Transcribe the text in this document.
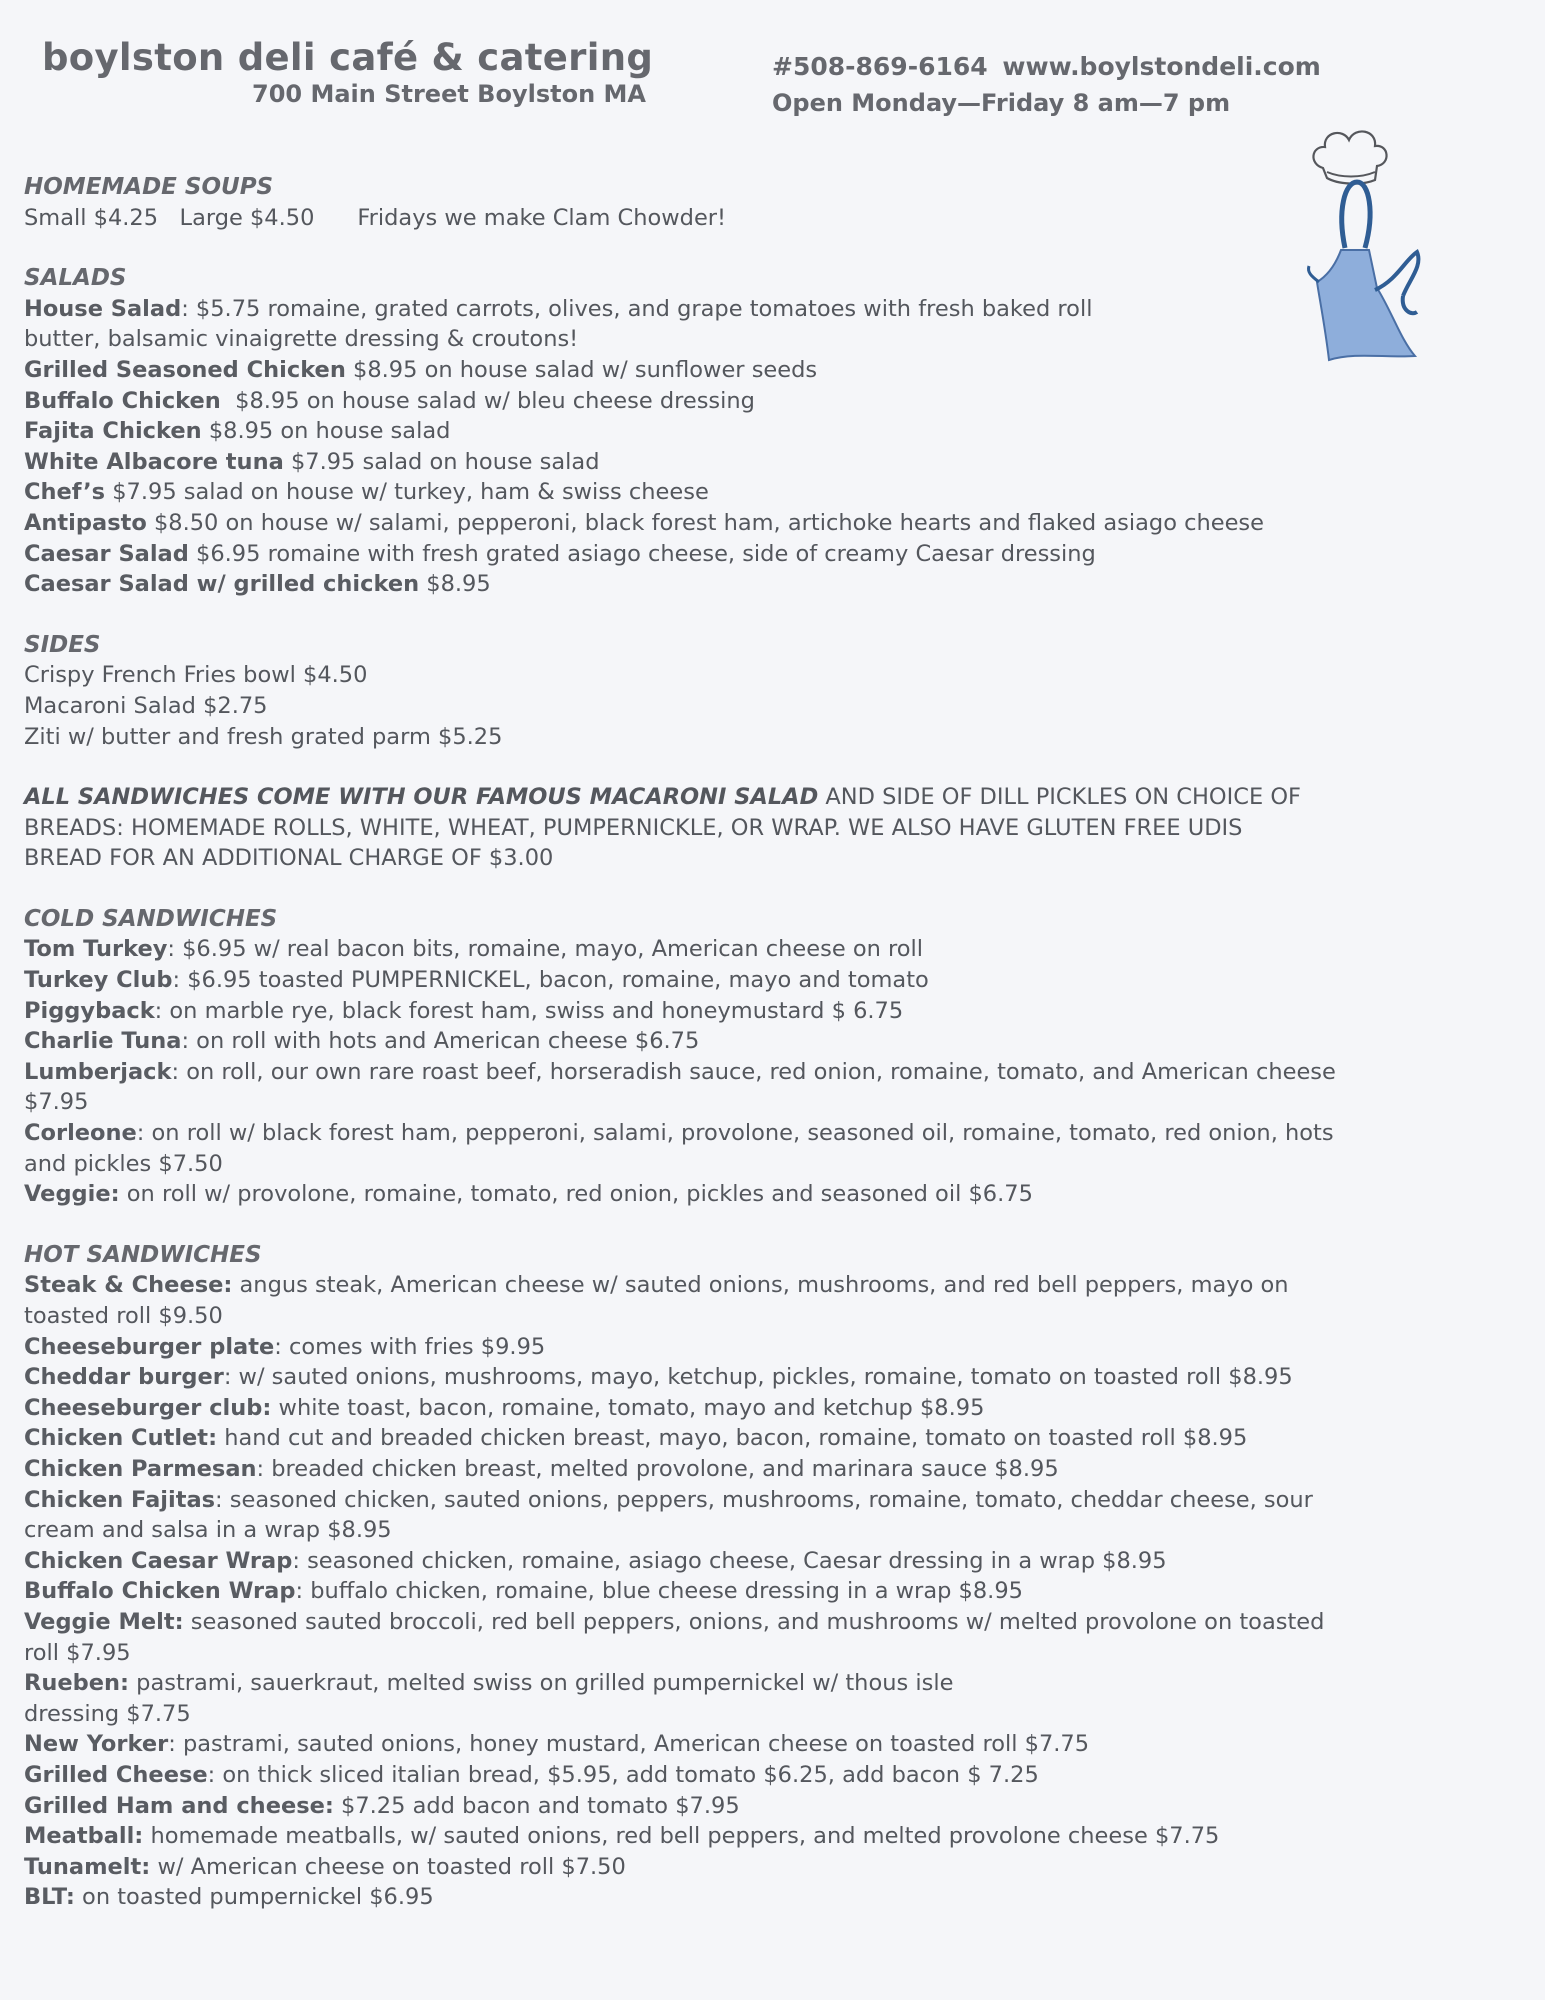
boylston deli café & catering
700 Main Street Boylston MA
#508-869-6164 www.boylstondeli.com
Open Monday—Friday 8 am—7 pm
HOMEMADE SOUPS
Small $4.25 Large $4.50 Fridays we make Clam Chowder!
SALADS
House Salad: $5.75 romaine, grated carrots, olives, and grape tomatoes with fresh baked roll
butter, balsamic vinaigrette dressing & croutons!
Grilled Seasoned Chicken $8.95 on house salad w/ sunflower seeds
Buffalo Chicken $8.95 on house salad w/ bleu cheese dressing
Fajita Chicken $8.95 on house salad
White Albacore tuna $7.95 salad on house salad
Chef’s $7.95 salad on house w/ turkey, ham & swiss cheese
Antipasto $8.50 on house w/ salami, pepperoni, black forest ham, artichoke hearts and flaked asiago cheese
Caesar Salad $6.95 romaine with fresh grated asiago cheese, side of creamy Caesar dressing
Caesar Salad w/ grilled chicken $8.95
SIDES
Crispy French Fries bowl $4.50
Macaroni Salad $2.75
Ziti w/ butter and fresh grated parm $5.25
ALL SANDWICHES COME WITH OUR FAMOUS MACARONI SALAD AND SIDE OF DILL PICKLES ON CHOICE OF
BREADS: HOMEMADE ROLLS, WHITE, WHEAT, PUMPERNICKLE, OR WRAP. WE ALSO HAVE GLUTEN FREE UDIS
BREAD FOR AN ADDITIONAL CHARGE OF $3.00
COLD SANDWICHES
Tom Turkey: $6.95 w/ real bacon bits, romaine, mayo, American cheese on roll
Turkey Club: $6.95 toasted PUMPERNICKEL, bacon, romaine, mayo and tomato
Piggyback: on marble rye, black forest ham, swiss and honeymustard $ 6.75
Charlie Tuna: on roll with hots and American cheese $6.75
Lumberjack: on roll, our own rare roast beef, horseradish sauce, red onion, romaine, tomato, and American cheese
$7.95
Corleone: on roll w/ black forest ham, pepperoni, salami, provolone, seasoned oil, romaine, tomato, red onion, hots
and pickles $7.50
Veggie: on roll w/ provolone, romaine, tomato, red onion, pickles and seasoned oil $6.75
HOT SANDWICHES
Steak & Cheese: angus steak, American cheese w/ sauted onions, mushrooms, and red bell peppers, mayo on
toasted roll $9.50
Cheeseburger plate: comes with fries $9.95
Cheddar burger: w/ sauted onions, mushrooms, mayo, ketchup, pickles, romaine, tomato on toasted roll $8.95
Cheeseburger club: white toast, bacon, romaine, tomato, mayo and ketchup $8.95
Chicken Cutlet: hand cut and breaded chicken breast, mayo, bacon, romaine, tomato on toasted roll $8.95
Chicken Parmesan: breaded chicken breast, melted provolone, and marinara sauce $8.95
Chicken Fajitas: seasoned chicken, sauted onions, peppers, mushrooms, romaine, tomato, cheddar cheese, sour
cream and salsa in a wrap $8.95
Chicken Caesar Wrap: seasoned chicken, romaine, asiago cheese, Caesar dressing in a wrap $8.95
Buffalo Chicken Wrap: buffalo chicken, romaine, blue cheese dressing in a wrap $8.95
Veggie Melt: seasoned sauted broccoli, red bell peppers, onions, and mushrooms w/ melted provolone on toasted
roll $7.95
Rueben: pastrami, sauerkraut, melted swiss on grilled pumpernickel w/ thous isle
dressing $7.75
New Yorker: pastrami, sauted onions, honey mustard, American cheese on toasted roll $7.75
Grilled Cheese: on thick sliced italian bread, $5.95, add tomato $6.25, add bacon $ 7.25
Grilled Ham and cheese: $7.25 add bacon and tomato $7.95
Meatball: homemade meatballs, w/ sauted onions, red bell peppers, and melted provolone cheese $7.75
Tunamelt: w/ American cheese on toasted roll $7.50
BLT: on toasted pumpernickel $6.95
